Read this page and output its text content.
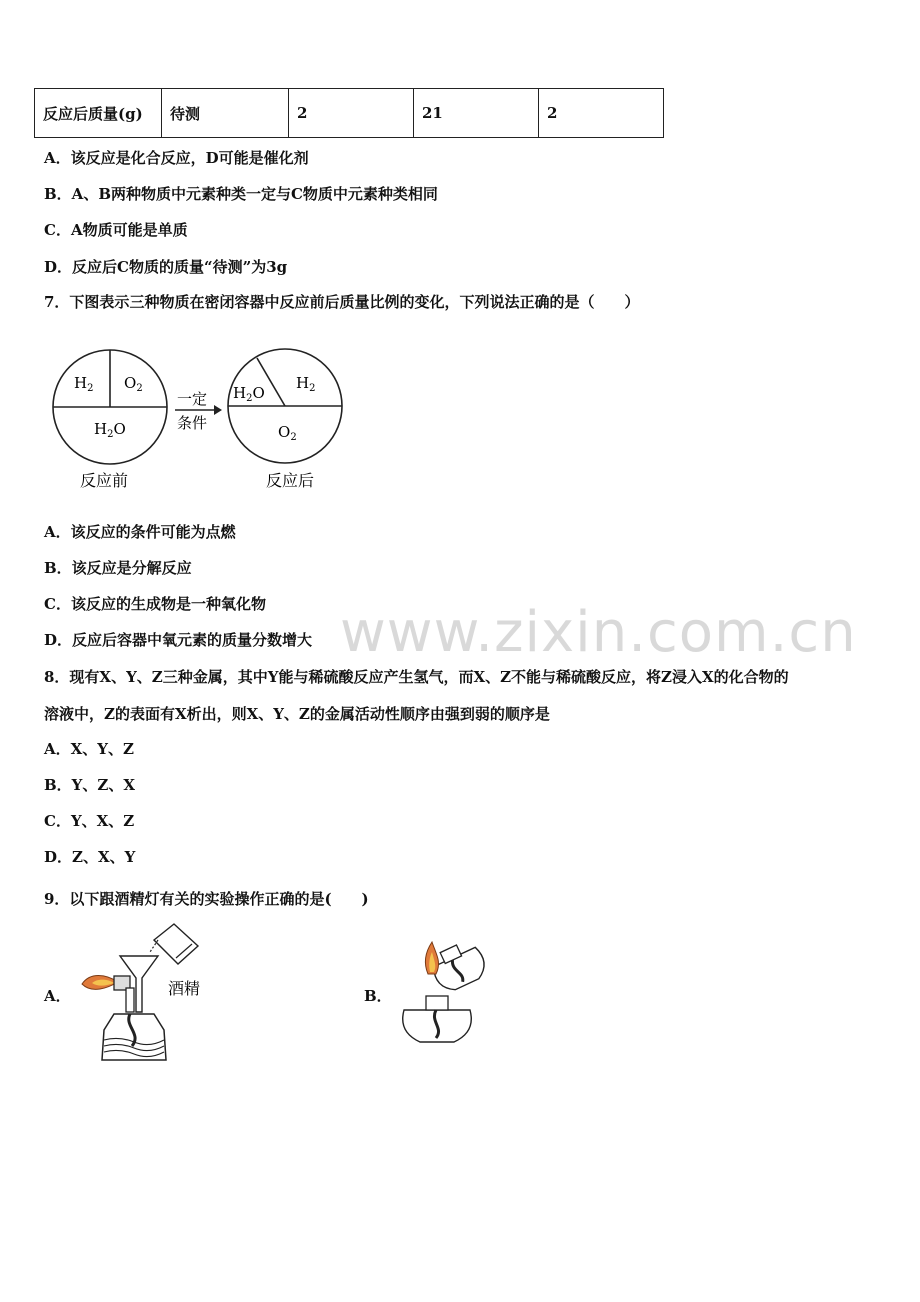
反应后质量(g)	待测	2	21	2
A．该反应是化合反应，D可能是催化剂
B．A、B两种物质中元素种类一定与C物质中元素种类相同
C．A物质可能是单质
D．反应后C物质的质量“待测”为3g
7．下图表示三种物质在密闭容器中反应前后质量比例的变化，下列说法正确的是（　　）
$H_2$ $O_2$
$H_2O$
一定
条件
$H_2O$
$H_2$
$O_2$
反应前	反应后
A．该反应的条件可能为点燃
B．该反应是分解反应
C．该反应的生成物是一种氧化物
D．反应后容器中氧元素的质量分数增大 www.zixin.com.cn
8．现有X、Y、Z三种金属，其中Y能与稀硫酸反应产生氢气，而X、Z不能与稀硫酸反应，将Z浸入X的化合物的
溶液中，Z的表面有X析出，则X、Y、Z的金属活动性顺序由强到弱的顺序是
A．X、Y、Z
B．Y、Z、X
C．Y、X、Z
D．Z、X、Y
9．以下跟酒精灯有关的实验操作正确的是(　　)
A．	酒精	B．
